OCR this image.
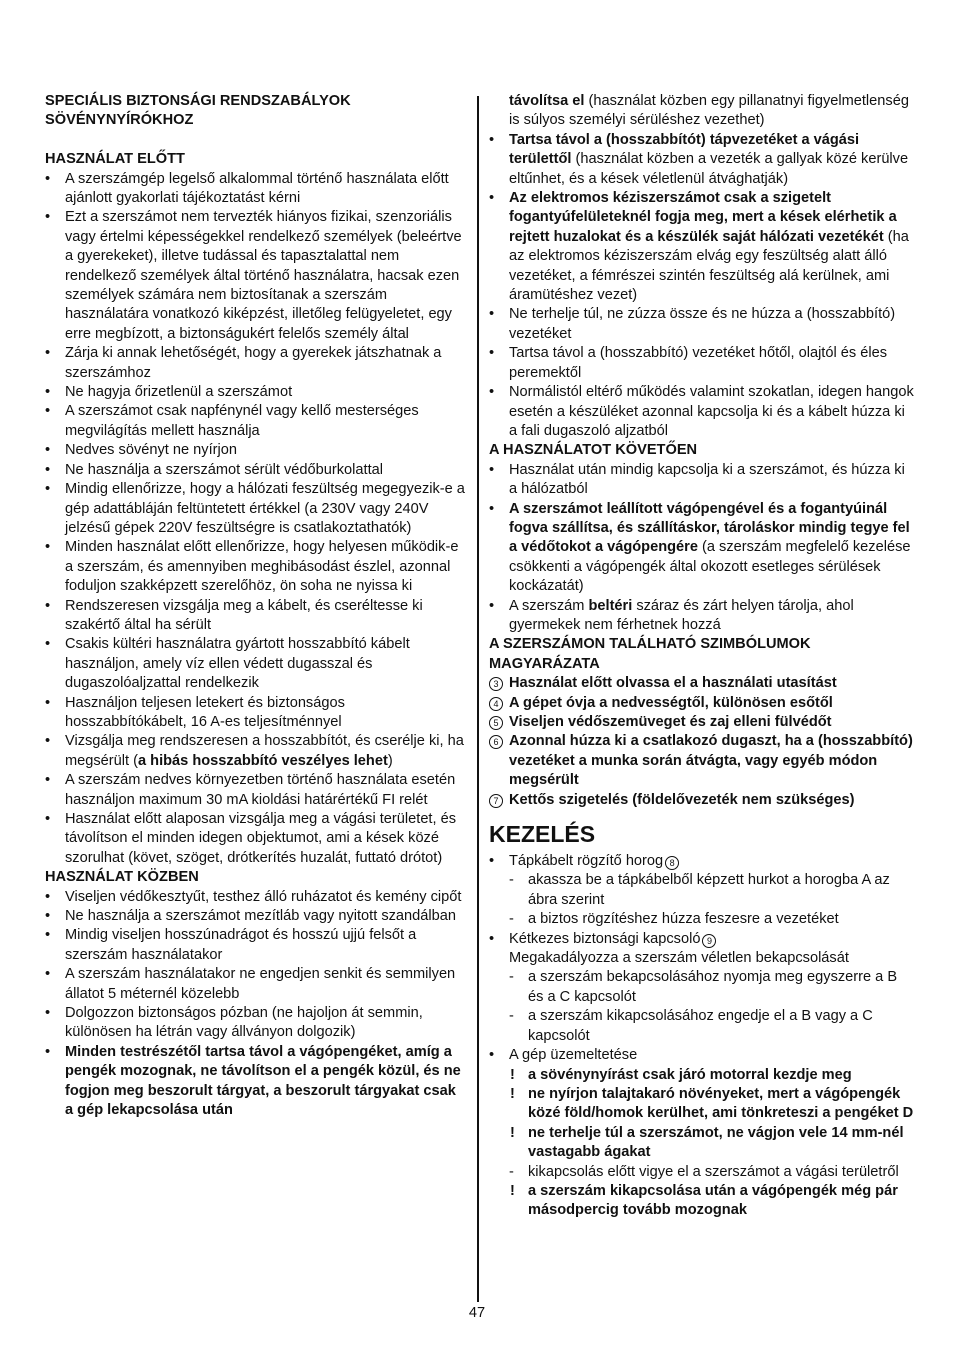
SPECIÁLIS BIZTONSÁGI RENDSZABÁLYOK
SÖVÉNYNYÍRÓKHOZ
HASZNÁLAT ELŐTT
• A szerszámgép legelső alkalommal történő használata előtt ajánlott gyakorlati tájékoztatást kérni
• Ezt a szerszámot nem tervezték hiányos fizikai, szenzoriális vagy értelmi képességekkel rendelkező személyek (beleértve a gyerekeket), illetve tudással és tapasztalattal nem rendelkező személyek által történő használatra, hacsak ezen személyek számára nem biztosítanak a szerszám használatára vonatkozó kiképzést, illetőleg felügyeletet, egy erre megbízott, a biztonságukért felelős személy által
• Zárja ki annak lehetőségét, hogy a gyerekek játszhatnak a szerszámhoz
• Ne hagyja őrizetlenül a szerszámot
• A szerszámot csak napfénynél vagy kellő mesterséges megvilágítás mellett használja
• Nedves sövényt ne nyírjon
• Ne használja a szerszámot sérült védőburkolattal
• Mindig ellenőrizze, hogy a hálózati feszültség megegyezik-e a gép adattábláján feltüntetett értékkel (a 230V vagy 240V jelzésű gépek 220V feszültségre is csatlakoztathatók)
• Minden használat előtt ellenőrizze, hogy helyesen működik-e a szerszám, és amennyiben meghibásodást észlel, azonnal foduljon szakképzett szerelőhöz, ön soha ne nyissa ki
• Rendszeresen vizsgálja meg a kábelt, és cseréltesse ki szakértő által ha sérült
• Csakis kültéri használatra gyártott hosszabbító kábelt használjon, amely víz ellen védett dugasszal és dugaszolóaljzattal rendelkezik
• Használjon teljesen letekert és biztonságos hosszabbítókábelt, 16 A-es teljesítménnyel
• Vizsgálja meg rendszeresen a hosszabbítót, és cserélje ki, ha megsérült (a hibás hosszabbító veszélyes lehet)
• A szerszám nedves környezetben történő használata esetén használjon maximum 30 mA kioldási határértékű FI relét
• Használat előtt alaposan vizsgálja meg a vágási területet, és távolítson el minden idegen objektumot, ami a kések közé szorulhat (követ, szöget, drótkerítés huzalát, futtató drótot)
HASZNÁLAT KÖZBEN
• Viseljen védőkesztyűt, testhez álló ruházatot és kemény cipőt
• Ne használja a szerszámot mezítláb vagy nyitott szandálban
• Mindig viseljen hosszúnadrágot és hosszú ujjú felsőt a szerszám használatakor
• A szerszám használatakor ne engedjen senkit és semmilyen állatot 5 méternél közelebb
• Dolgozzon biztonságos pózban (ne hajoljon át semmin, különösen ha létrán vagy állványon dolgozik)
• Minden testrészétől tartsa távol a vágópengéket, amíg a pengék mozognak, ne távolítson el a pengék közül, és ne fogjon meg beszorult tárgyat, a beszorult tárgyakat csak a gép lekapcsolása után
távolítsa el (használat közben egy pillanatnyi figyelmetlenség is súlyos személyi sérüléshez vezethet)
• Tartsa távol a (hosszabbítót) tápvezetéket a vágási területtől (használat közben a vezeték a gallyak közé kerülve eltűnhet, és a kések véletlenül átvághatják)
• Az elektromos kéziszerszámot csak a szigetelt fogantyúfelületeknél fogja meg, mert a kések elérhetik a rejtett huzalokat és a készülék saját hálózati vezetékét (ha az elektromos kéziszerszám elvág egy feszültség alatt álló vezetéket, a fémrészei szintén feszültség alá kerülnek, ami áramütéshez vezet)
• Ne terhelje túl, ne zúzza össze és ne húzza a (hosszabbító) vezetéket
• Tartsa távol a (hosszabbító) vezetéket hőtől, olajtól és éles peremektől
• Normálistól eltérő működés valamint szokatlan, idegen hangok esetén a készüléket azonnal kapcsolja ki és a kábelt húzza ki a fali dugaszoló aljzatból
A HASZNÁLATOT KÖVETŐEN
• Használat után mindig kapcsolja ki a szerszámot, és húzza ki a hálózatból
• A szerszámot leállított vágópengével és a fogantyúinál fogva szállítsa, és szállításkor, tároláskor mindig tegye fel a védőtokot a vágópengére (a szerszám megfelelő kezelése csökkenti a vágópengék által okozott esetleges sérülések kockázatát)
• A szerszám beltéri száraz és zárt helyen tárolja, ahol gyermekek nem férhetnek hozzá
A SZERSZÁMON TALÁLHATÓ SZIMBÓLUMOK MAGYARÁZATA
3 Használat előtt olvassa el a használati utasítást
4 A gépet óvja a nedvességtől, különösen esőtől
5 Viseljen védőszemüveget és zaj elleni fülvédőt
6 Azonnal húzza ki a csatlakozó dugaszt, ha a (hosszabbító) vezetéket a munka során átvágta, vagy egyéb módon megsérült
7 Kettős szigetelés (földelővezeték nem szükséges)
KEZELÉS
• Tápkábelt rögzítő horog 8
- akassza be a tápkábelből képzett hurkot a horogba A az ábra szerint
- a biztos rögzítéshez húzza feszesre a vezetéket
• Kétkezes biztonsági kapcsoló 9
Megakadályozza a szerszám véletlen bekapcsolását
- a szerszám bekapcsolásához nyomja meg egyszerre a B és a C kapcsolót
- a szerszám kikapcsolásához engedje el a B vagy a C kapcsolót
• A gép üzemeltetése
! a sövénynyírást csak járó motorral kezdje meg
! ne nyírjon talajtakaró növényeket, mert a vágópengék közé föld/homok kerülhet, ami tönkreteszi a pengéket D
! ne terhelje túl a szerszámot, ne vágjon vele 14 mm-nél vastagabb ágakat
- kikapcsolás előtt vigye el a szerszámot a vágási területről
! a szerszám kikapcsolása után a vágópengék még pár másodpercig tovább mozognak
47
